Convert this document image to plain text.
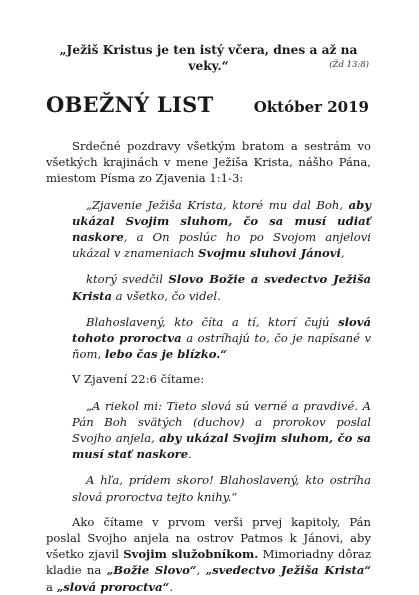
„Ježiš Kristus je ten istý včera, dnes a až na veky.“	(Žd 13:8)
OBEŽNÝ LIST	Október 2019

Srdečné pozdravy všetkým bratom a sestrám vo všetkých krajinách v mene Ježiša Krista, nášho Pána, miestom Písma zo Zjavenia 1:1-3:

„Zjavenie Ježiša Krista, ktoré mu dal Boh, aby ukázal Svojim sluhom, čo sa musí udiať naskore, a On poslúc ho po Svojom anjelovi ukázal v znameniach Svojmu sluhovi Jánovi,

ktorý svedčil Slovo Božie a svedectvo Ježiša Krista a všetko, čo videl.

Blahoslavený, kto číta a tí, ktorí čujú slová tohoto proroctva a ostríhajú to, čo je napísané v ňom, lebo čas je blízko.“

V Zjavení 22:6 čítame:

„A riekol mi: Tieto slová sú verné a pravdivé. A Pán Boh svätých (duchov) a prorokov poslal Svojho anjela, aby ukázal Svojim sluhom, čo sa musí stať naskore.

A hľa, prídem skoro! Blahoslavený, kto ostríha slová proroctva tejto knihy.“

Ako čítame v prvom verši prvej kapitoly, Pán poslal Svojho anjela na ostrov Patmos k Jánovi, aby všetko zjavil Svojim služobníkom. Mimoriadny dôraz kladie na „Božie Slovo“, „svedectvo Ježiša Krista“ a „slová proroctva“.
